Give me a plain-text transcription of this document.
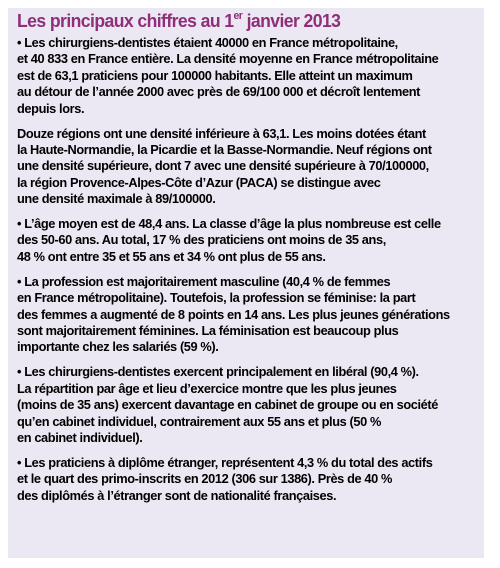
Les principaux chiffres au 1er janvier 2013
• Les chirurgiens-dentistes étaient 40000 en France métropolitaine,
et 40 833 en France entière. La densité moyenne en France métropolitaine
est de 63,1 praticiens pour 100000 habitants. Elle atteint un maximum
au détour de l’année 2000 avec près de 69/100 000 et décroît lentement
depuis lors.
Douze régions ont une densité inférieure à 63,1. Les moins dotées étant
la Haute-Normandie, la Picardie et la Basse-Normandie. Neuf régions ont
une densité supérieure, dont 7 avec une densité supérieure à 70/100000,
la région Provence-Alpes-Côte d’Azur (PACA) se distingue avec
une densité maximale à 89/100000.
• L’âge moyen est de 48,4 ans. La classe d’âge la plus nombreuse est celle
des 50-60 ans. Au total, 17 % des praticiens ont moins de 35 ans,
48 % ont entre 35 et 55 ans et 34 % ont plus de 55 ans.
• La profession est majoritairement masculine (40,4 % de femmes
en France métropolitaine). Toutefois, la profession se féminise: la part
des femmes a augmenté de 8 points en 14 ans. Les plus jeunes générations
sont majoritairement féminines. La féminisation est beaucoup plus
importante chez les salariés (59 %).
• Les chirurgiens-dentistes exercent principalement en libéral (90,4 %).
La répartition par âge et lieu d’exercice montre que les plus jeunes
(moins de 35 ans) exercent davantage en cabinet de groupe ou en société
qu’en cabinet individuel, contrairement aux 55 ans et plus (50 %
en cabinet individuel).
• Les praticiens à diplôme étranger, représentent 4,3 % du total des actifs
et le quart des primo-inscrits en 2012 (306 sur 1386). Près de 40 %
des diplômés à l’étranger sont de nationalité françaises.
